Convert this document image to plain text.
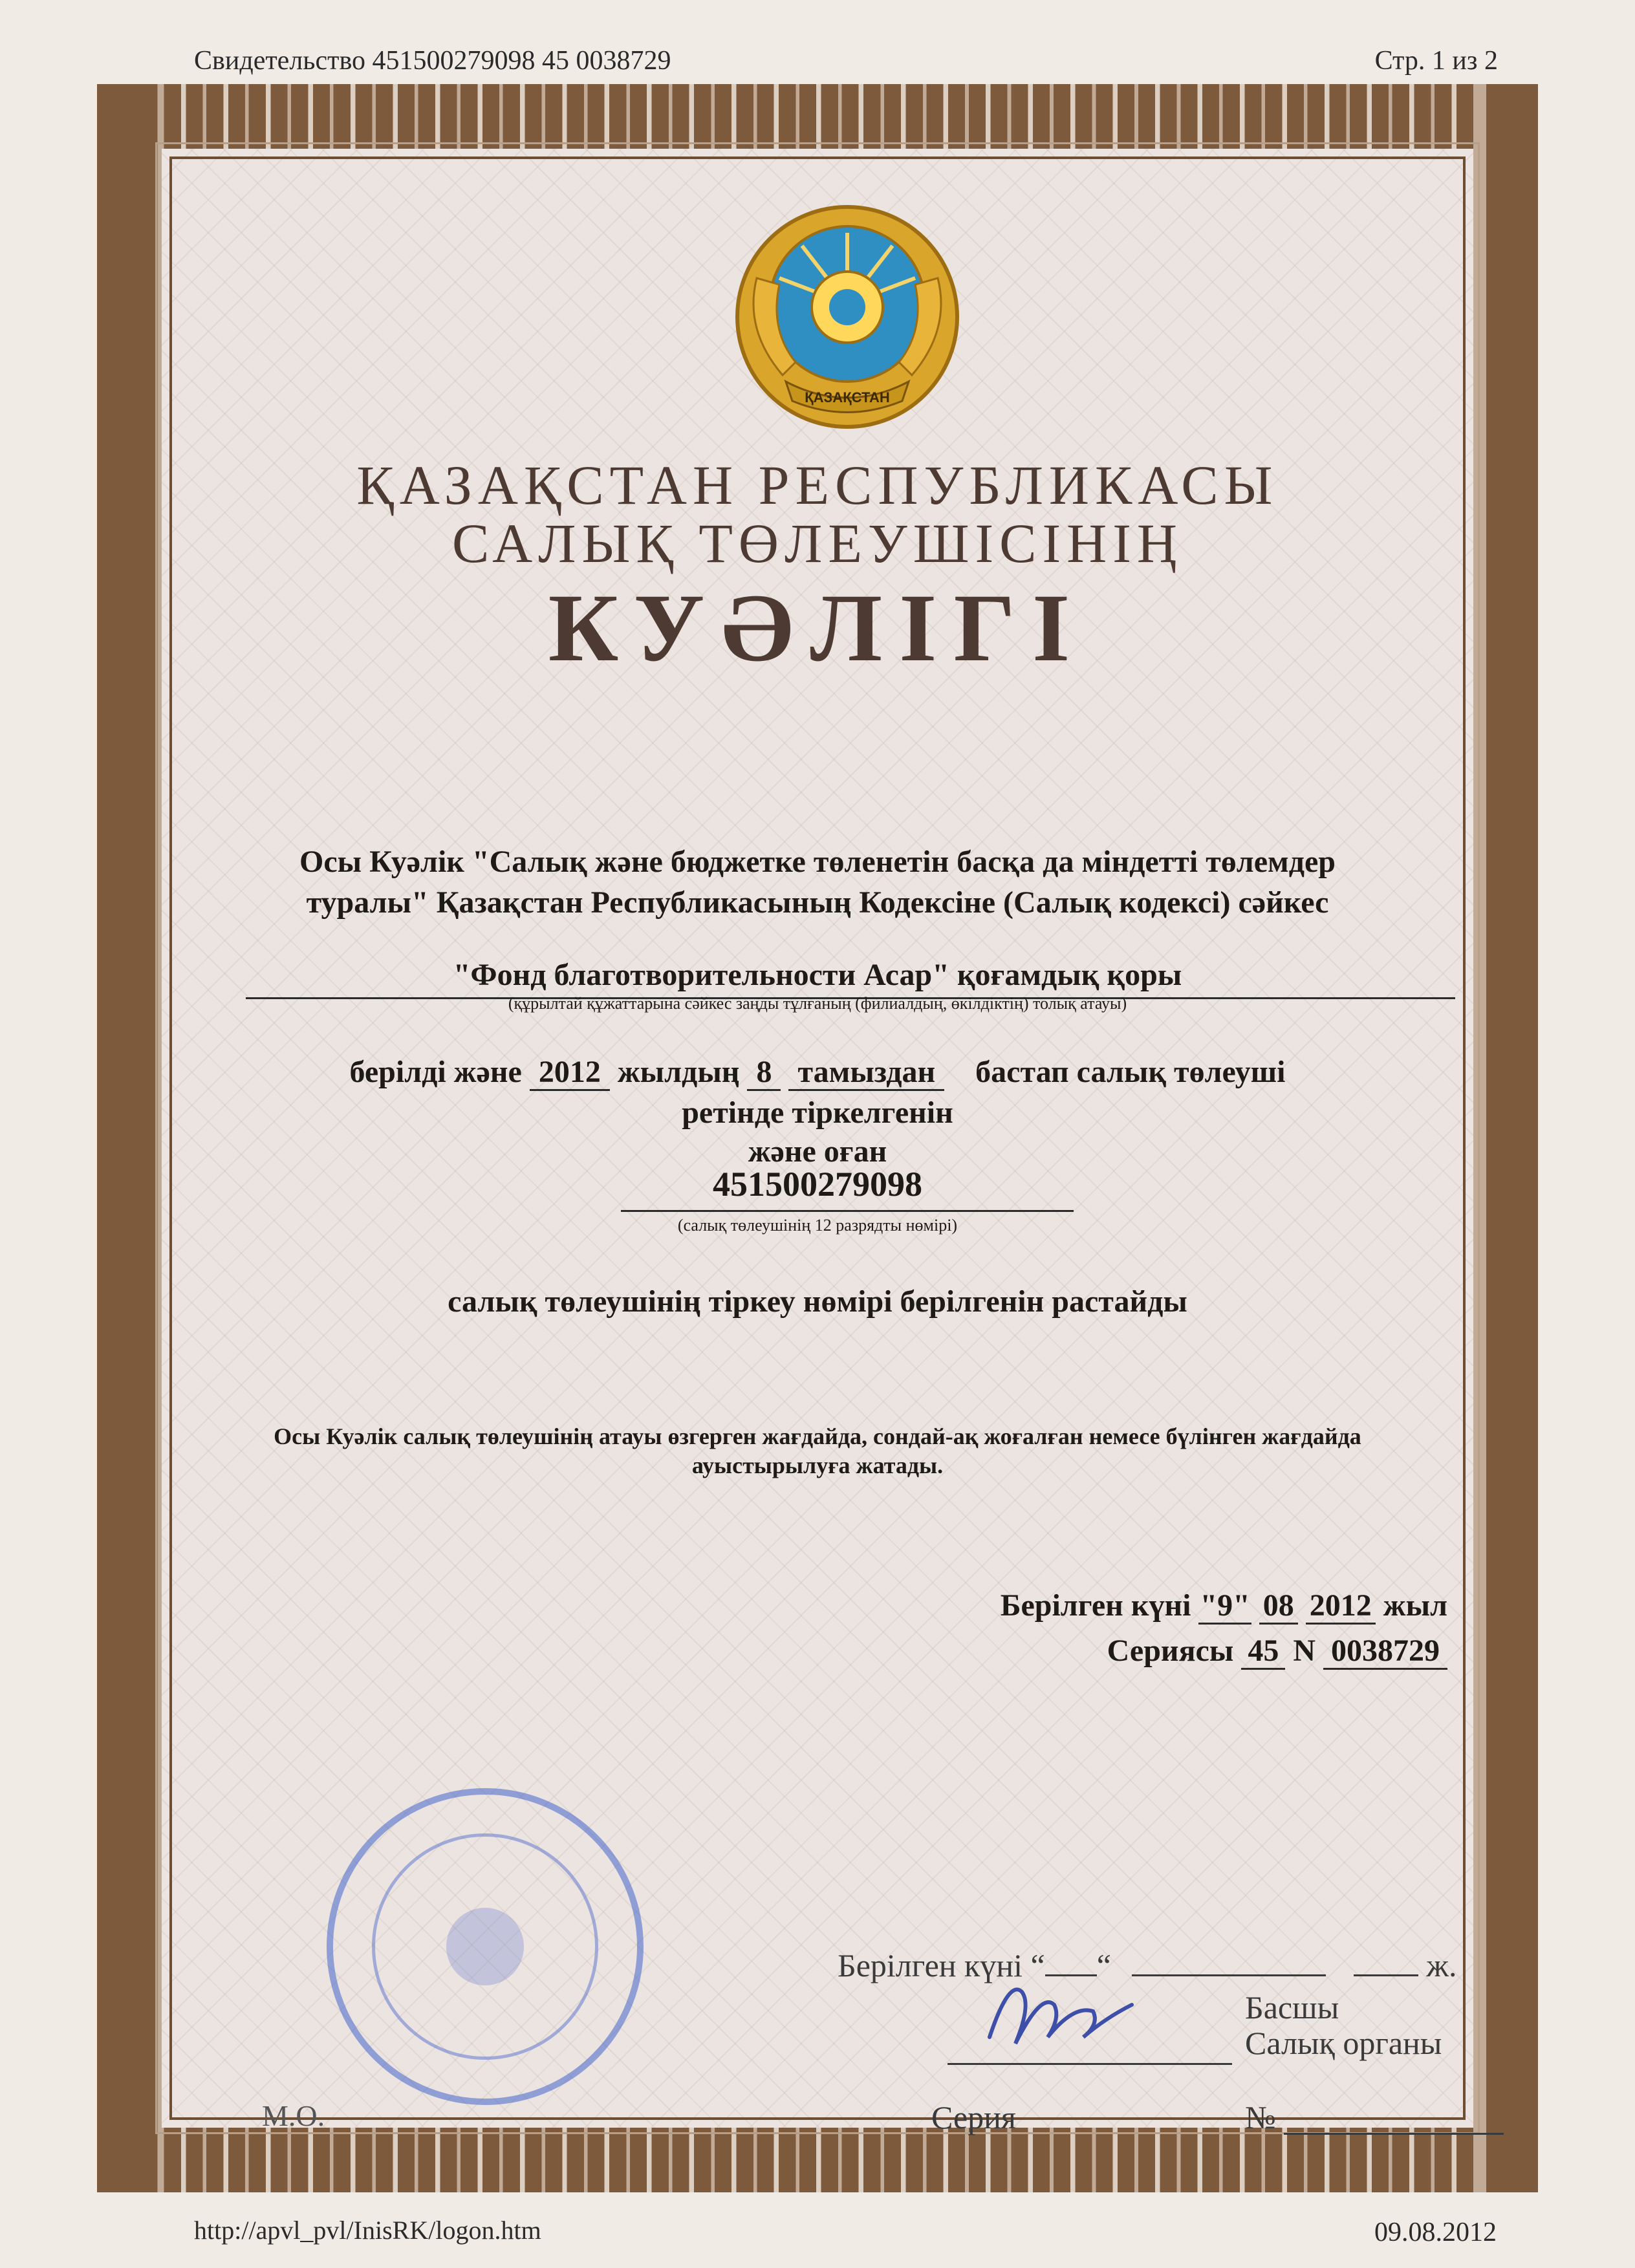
Свидетельство 451500279098 45 0038729	Стр. 1 из 2
ҚАЗАҚСТАН
ҚАЗАҚСТАН РЕСПУБЛИКАСЫ
САЛЫҚ ТӨЛЕУШІСІНІҢ
КУӘЛІГІ
Осы Куәлік "Салық және бюджетке төленетін басқа да міндетті төлемдер
туралы" Қазақстан Республикасының Кодексіне (Салық кодексі) сәйкес
"Фонд благотворительности Асар" қоғамдық қоры
(құрылтай құжаттарына сәйкес заңды тұлғаның (филиалдың, өкілдіктің) толық атауы)
берілді және 2012 жылдың 8 тамыздан бастап салық төлеуші
ретінде тіркелгенін
және оған
451500279098
(салық төлеушінің 12 разрядты нөмірі)
салық төлеушінің тіркеу нөмірі берілгенін растайды
Осы Куәлік салық төлеушінің атауы өзгерген жағдайда, сондай-ақ жоғалған немесе бүлінген жағдайда
ауыстырылуға жатады.
Берілген күні "9" 08 2012 жыл
Сериясы 45 N 0038729
Берілген күні “ “	ж.
Басшы
Салық органы
М.О.	Серия	№
http://apvl_pvl/InisRK/logon.htm	09.08.2012
